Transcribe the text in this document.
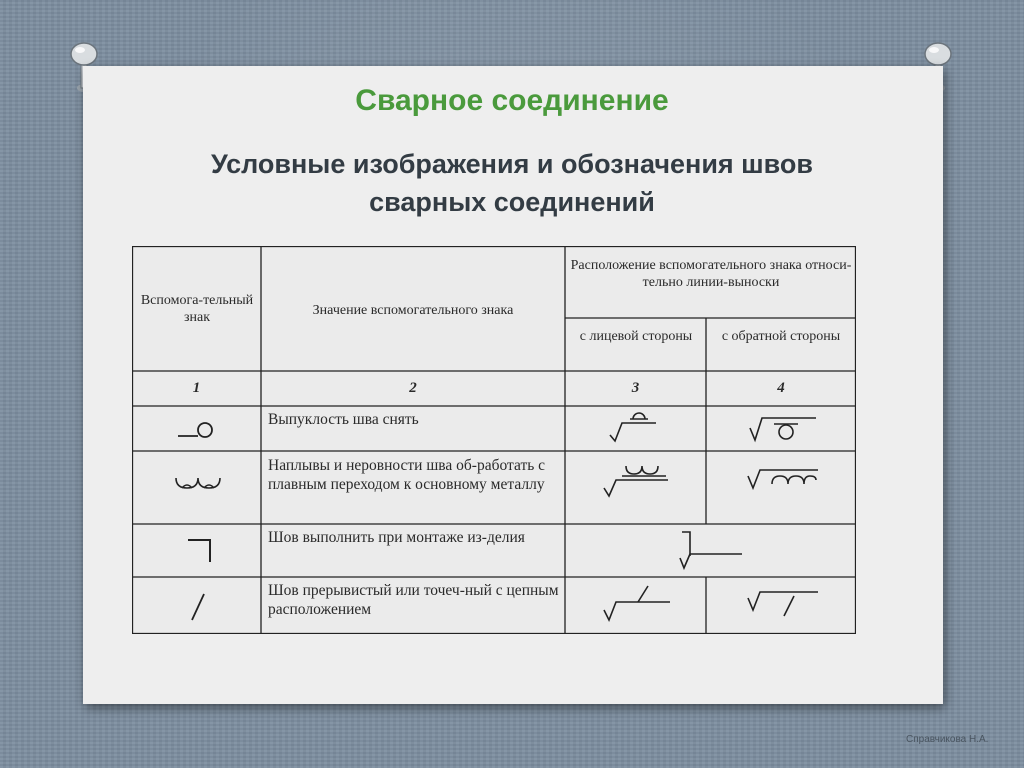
Сварное соединение
Условные изображения и обозначения швов
сварных соединений
Вспомога-тельный знак	Значение вспомогательного знака
Расположение вспомогательного знака относи-тельно линии-выноски
с лицевой стороны	с обратной стороны
1	2	3	4
Выпуклость шва снять
Наплывы и неровности шва об-работать с плавным переходом к основному металлу
Шов выполнить при монтаже из-делия
Шов прерывистый или точеч-ный с цепным расположением
Справчикова Н.А.
